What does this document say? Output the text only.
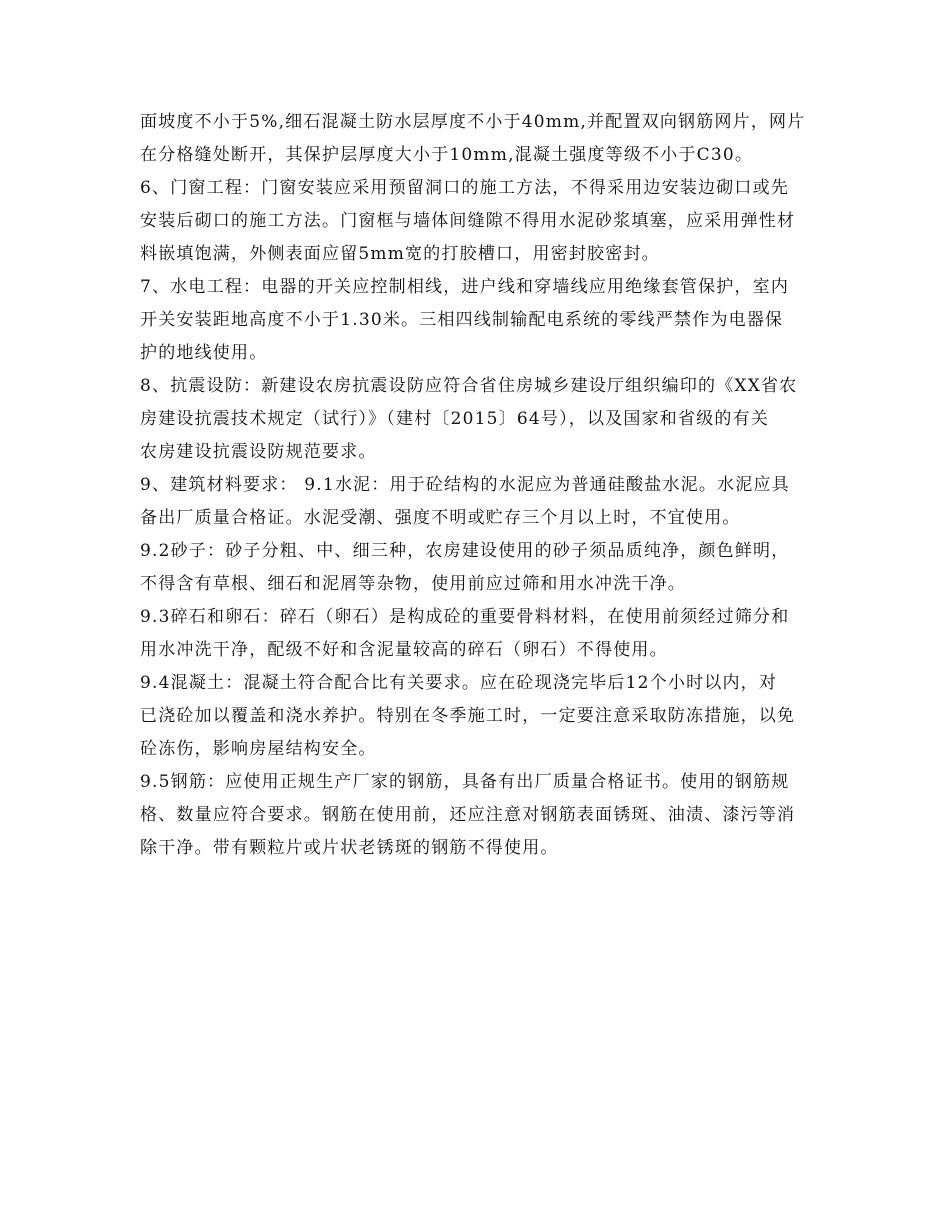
面坡度不小于5%,细石混凝土防水层厚度不小于40mm,并配置双向钢筋网片，网片
在分格缝处断开，其保护层厚度大小于10mm,混凝土强度等级不小于C30。
6、门窗工程：门窗安装应采用预留洞口的施工方法，不得采用边安装边砌口或先
安装后砌口的施工方法。门窗框与墙体间缝隙不得用水泥砂浆填塞，应采用弹性材
料嵌填饱满，外侧表面应留5mm宽的打胶槽口，用密封胶密封。
7、水电工程：电器的开关应控制相线，进户线和穿墙线应用绝缘套管保护，室内
开关安装距地高度不小于1.30米。三相四线制输配电系统的零线严禁作为电器保
护的地线使用。
8、抗震设防：新建设农房抗震设防应符合省住房城乡建设厅组织编印的《XX省农
房建设抗震技术规定（试行）》（建村〔2015〕64号），以及国家和省级的有关
农房建设抗震设防规范要求。
9、建筑材料要求： 9.1水泥：用于砼结构的水泥应为普通硅酸盐水泥。水泥应具
备出厂质量合格证。水泥受潮、强度不明或贮存三个月以上时，不宜使用。
9.2砂子：砂子分粗、中、细三种，农房建设使用的砂子须品质纯净，颜色鲜明，
不得含有草根、细石和泥屑等杂物，使用前应过筛和用水冲洗干净。
9.3碎石和卵石：碎石（卵石）是构成砼的重要骨料材料，在使用前须经过筛分和
用水冲洗干净，配级不好和含泥量较高的碎石（卵石）不得使用。
9.4混凝土：混凝土符合配合比有关要求。应在砼现浇完毕后12个小时以内，对
已浇砼加以覆盖和浇水养护。特别在冬季施工时，一定要注意采取防冻措施，以免
砼冻伤，影响房屋结构安全。
9.5钢筋：应使用正规生产厂家的钢筋，具备有出厂质量合格证书。使用的钢筋规
格、数量应符合要求。钢筋在使用前，还应注意对钢筋表面锈斑、油渍、漆污等消
除干净。带有颗粒片或片状老锈斑的钢筋不得使用。
